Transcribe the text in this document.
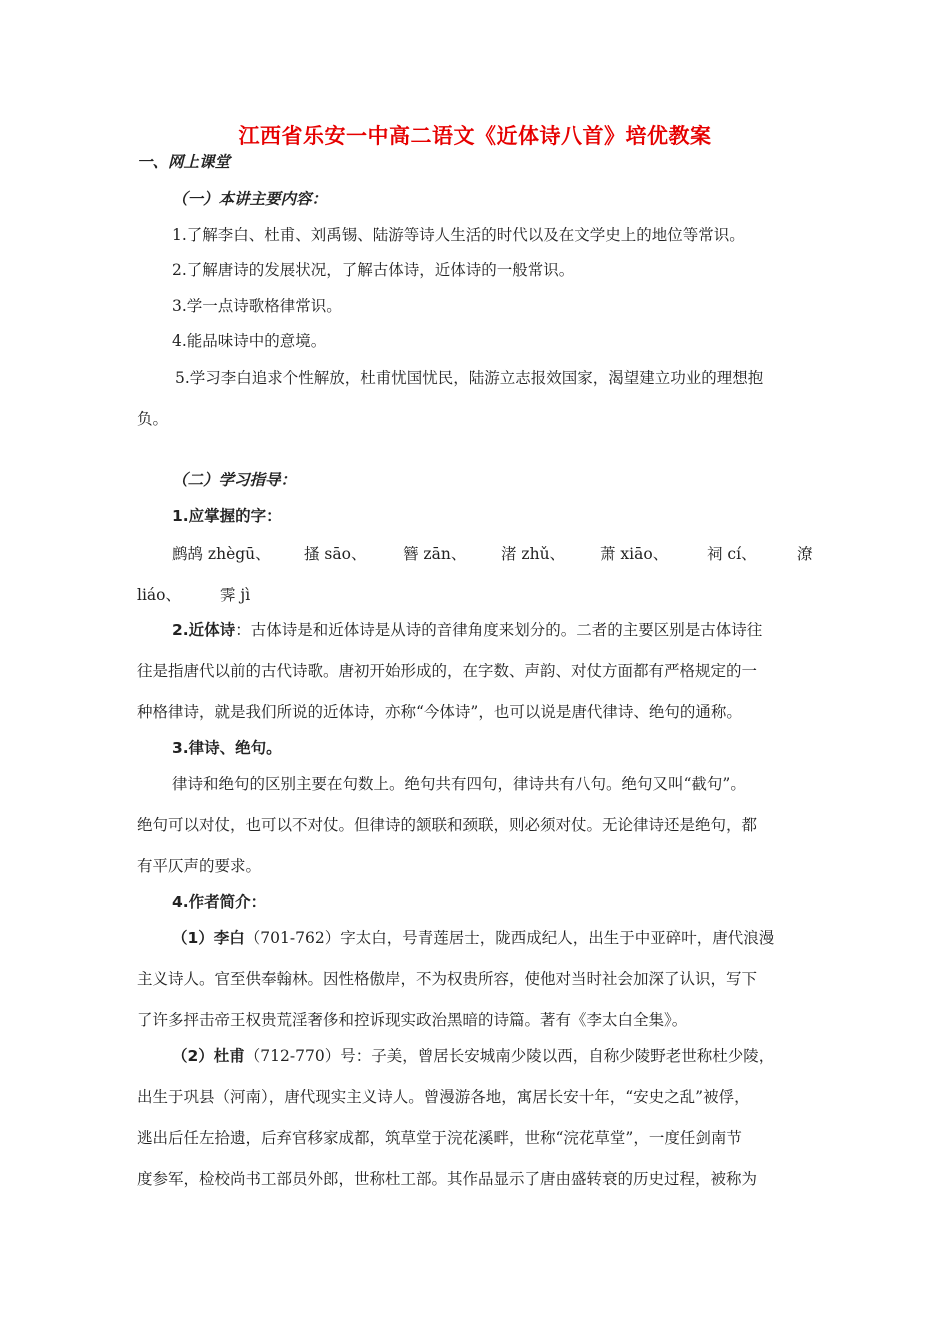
江西省乐安一中高二语文《近体诗八首》培优教案
一、网上课堂
（一）本讲主要内容：
1.了解李白、杜甫、刘禹锡、陆游等诗人生活的时代以及在文学史上的地位等常识。
2.了解唐诗的发展状况，了解古体诗，近体诗的一般常识。
3.学一点诗歌格律常识。
4.能品味诗中的意境。
5.学习李白追求个性解放，杜甫忧国忧民，陆游立志报效国家，渴望建立功业的理想抱
负。
（二）学习指导：
1.应掌握的字：
鹧鸪 zhègū、 搔 sāo、 簪 zān、 渚 zhǔ、 萧 xiāo、	祠 cí、	潦
liáo、	霁 jì
2.近体诗：古体诗是和近体诗是从诗的音律角度来划分的。二者的主要区别是古体诗往
往是指唐代以前的古代诗歌。唐初开始形成的，在字数、声韵、对仗方面都有严格规定的一
种格律诗，就是我们所说的近体诗，亦称“今体诗”，也可以说是唐代律诗、绝句的通称。
3.律诗、绝句。
律诗和绝句的区别主要在句数上。绝句共有四句，律诗共有八句。绝句又叫“截句”。
绝句可以对仗，也可以不对仗。但律诗的颔联和颈联，则必须对仗。无论律诗还是绝句，都
有平仄声的要求。
4.作者简介：
（1）李白（701-762）字太白，号青莲居士，陇西成纪人，出生于中亚碎叶，唐代浪漫
主义诗人。官至供奉翰林。因性格傲岸，不为权贵所容，使他对当时社会加深了认识，写下
了许多抨击帝王权贵荒淫奢侈和控诉现实政治黑暗的诗篇。著有《李太白全集》。
（2）杜甫（712-770）号：子美，曾居长安城南少陵以西，自称少陵野老世称杜少陵，
出生于巩县（河南），唐代现实主义诗人。曾漫游各地，寓居长安十年，“安史之乱”被俘，
逃出后任左拾遗，后弃官移家成都，筑草堂于浣花溪畔，世称“浣花草堂”，一度任剑南节
度参军，检校尚书工部员外郎，世称杜工部。其作品显示了唐由盛转衰的历史过程，被称为
